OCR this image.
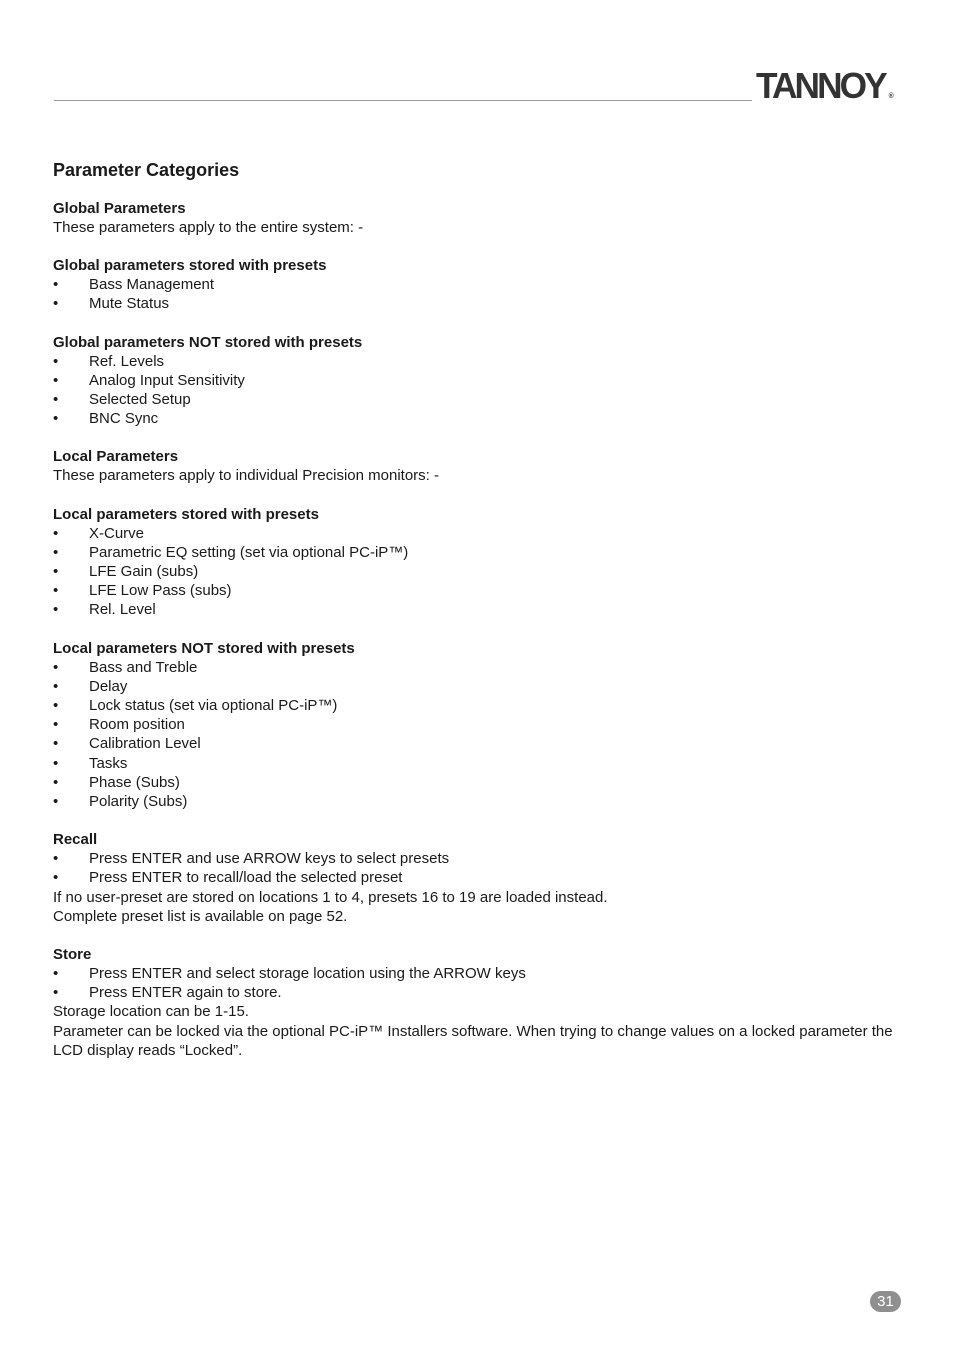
TANNOY ®
Parameter Categories
Global Parameters

These parameters apply to the entire system: -

Global parameters stored with presets
• Bass Management
• Mute Status
Global parameters NOT stored with presets
• Ref. Levels
• Analog Input Sensitivity
• Selected Setup
• BNC Sync
Local Parameters

These parameters apply to individual Precision monitors: -

Local parameters stored with presets
• X-Curve
• Parametric EQ setting (set via optional PC-iP™)
• LFE Gain (subs)
• LFE Low Pass (subs)
• Rel. Level
Local parameters NOT stored with presets
• Bass and Treble
• Delay
• Lock status (set via optional PC-iP™)
• Room position
• Calibration Level
• Tasks
• Phase (Subs)
• Polarity (Subs)
Recall
• Press ENTER and use ARROW keys to select presets
• Press ENTER to recall/load the selected preset

If no user-preset are stored on locations 1 to 4, presets 16 to 19 are loaded instead.

Complete preset list is available on page 52.

Store
• Press ENTER and select storage location using the ARROW keys
• Press ENTER again to store.

Storage location can be 1-15.

Parameter can be locked via the optional PC-iP™ Installers software. When trying to change values on a locked parameter the LCD display reads “Locked”.

31
